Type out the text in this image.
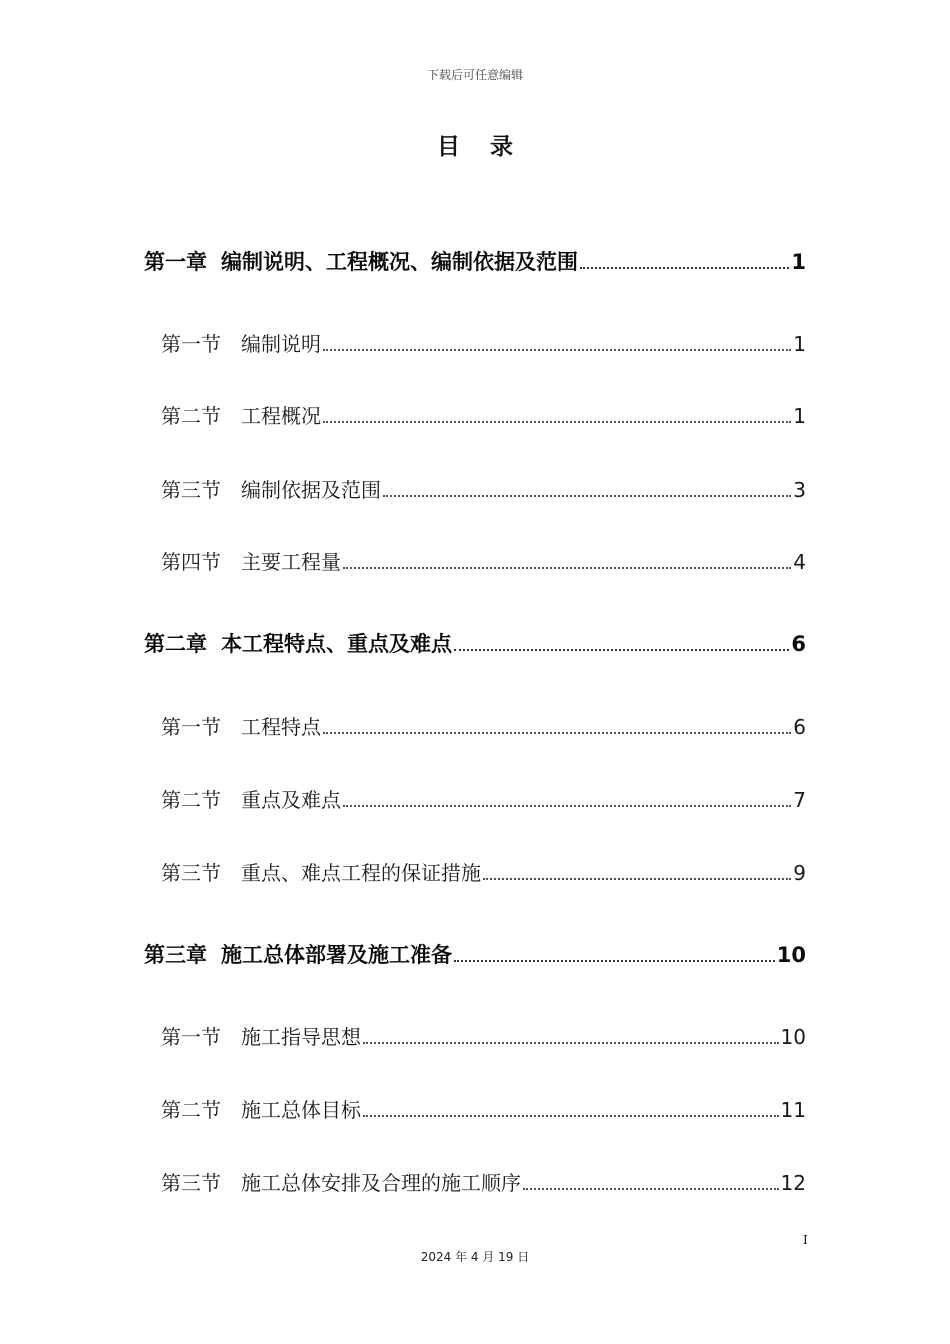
下载后可任意编辑
目录
第一章 编制说明、工程概况、编制依据及范围	1
第一节 编制说明	1
第二节 工程概况	1
第三节 编制依据及范围	3
第四节 主要工程量	4
第二章 本工程特点、重点及难点	6
第一节 工程特点	6
第二节 重点及难点	7
第三节 重点、难点工程的保证措施	9
第三章 施工总体部署及施工准备	10
第一节 施工指导思想	10
第二节 施工总体目标	11
第三节 施工总体安排及合理的施工顺序	12
I
2024 年 4 月 19 日
